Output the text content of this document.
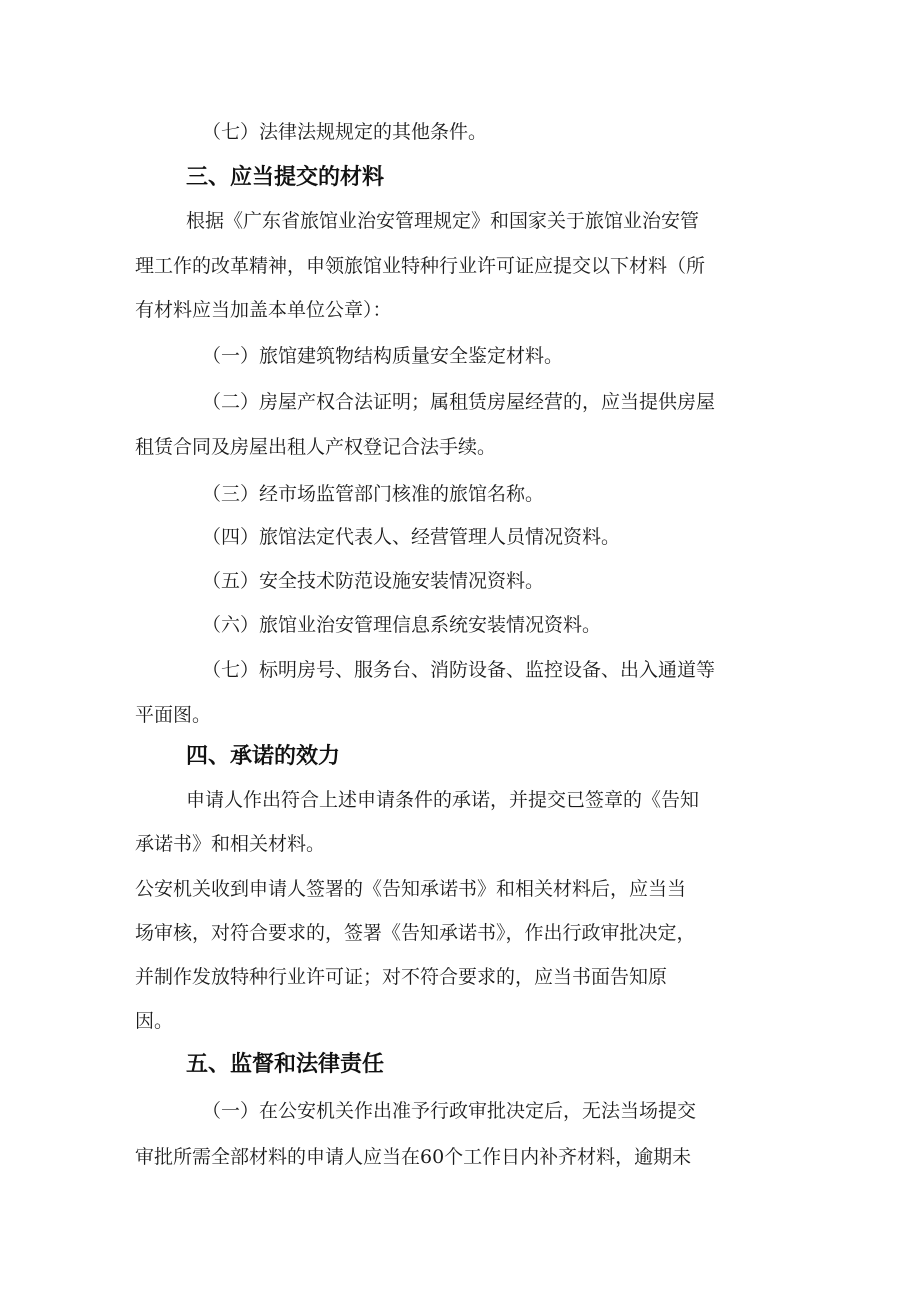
（七）法律法规规定的其他条件。

三、应当提交的材料

根据《广东省旅馆业治安管理规定》和国家关于旅馆业治安管

理工作的改革精神，申领旅馆业特种行业许可证应提交以下材料（所

有材料应当加盖本单位公章）：

（一）旅馆建筑物结构质量安全鉴定材料。

（二）房屋产权合法证明；属租赁房屋经营的，应当提供房屋

租赁合同及房屋出租人产权登记合法手续。

（三）经市场监管部门核准的旅馆名称。

（四）旅馆法定代表人、经营管理人员情况资料。

（五）安全技术防范设施安装情况资料。

（六）旅馆业治安管理信息系统安装情况资料。

（七）标明房号、服务台、消防设备、监控设备、出入通道等

平面图。

四、承诺的效力

申请人作出符合上述申请条件的承诺，并提交已签章的《告知

承诺书》和相关材料。

公安机关收到申请人签署的《告知承诺书》和相关材料后，应当当

场审核，对符合要求的，签署《告知承诺书》，作出行政审批决定，

并制作发放特种行业许可证；对不符合要求的，应当书面告知原

因。

五、监督和法律责任

（一）在公安机关作出准予行政审批决定后，无法当场提交

审批所需全部材料的申请人应当在60个工作日内补齐材料，逾期未
